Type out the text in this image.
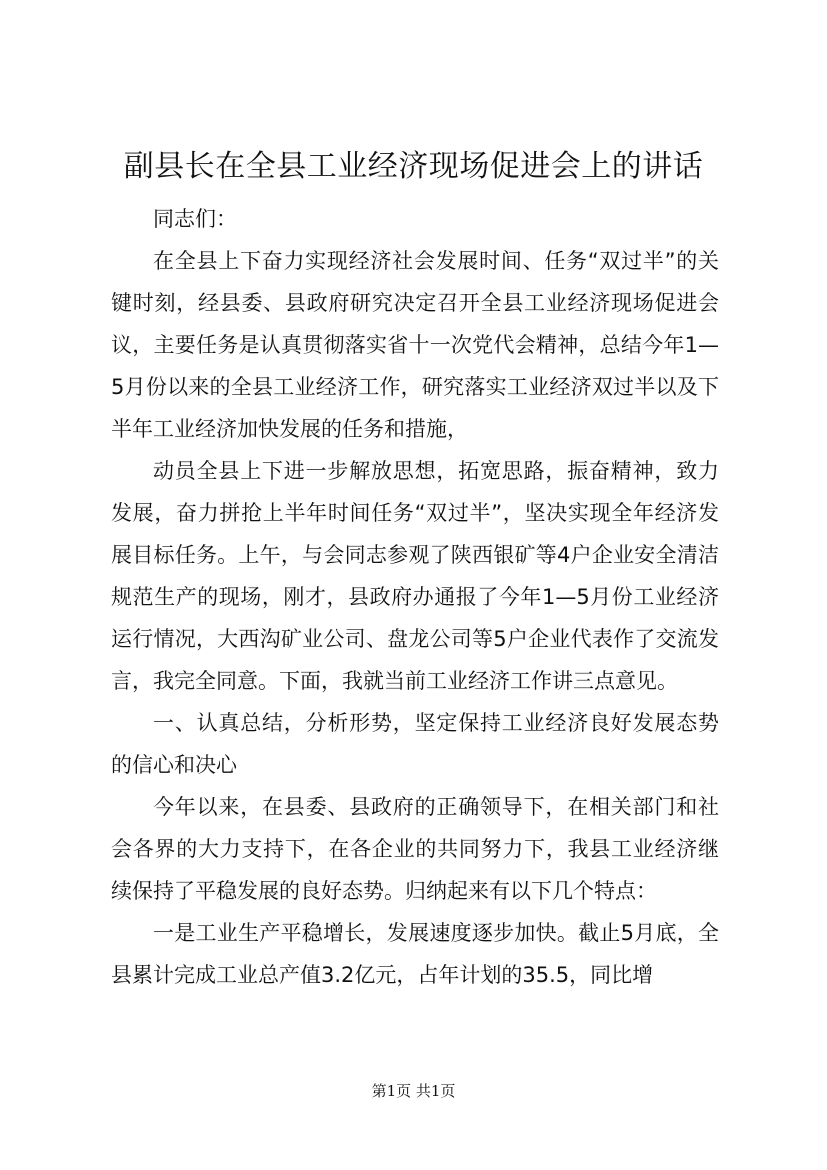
副县长在全县工业经济现场促进会上的讲话

同志们：

在全县上下奋力实现经济社会发展时间、任务“双过半”的关键时刻，经县委、县政府研究决定召开全县工业经济现场促进会议，主要任务是认真贯彻落实省十一次党代会精神，总结今年1—5月份以来的全县工业经济工作，研究落实工业经济双过半以及下半年工业经济加快发展的任务和措施，

动员全县上下进一步解放思想，拓宽思路，振奋精神，致力发展，奋力拼抢上半年时间任务“双过半”，坚决实现全年经济发展目标任务。上午，与会同志参观了陕西银矿等4户企业安全清洁规范生产的现场，刚才，县政府办通报了今年1—5月份工业经济运行情况，大西沟矿业公司、盘龙公司等5户企业代表作了交流发言，我完全同意。下面，我就当前工业经济工作讲三点意见。

一、认真总结，分析形势，坚定保持工业经济良好发展态势的信心和决心

今年以来，在县委、县政府的正确领导下，在相关部门和社会各界的大力支持下，在各企业的共同努力下，我县工业经济继续保持了平稳发展的良好态势。归纳起来有以下几个特点：

一是工业生产平稳增长，发展速度逐步加快。截止5月底，全县累计完成工业总产值3.2亿元，占年计划的35.5，同比增

第1页 共1页
